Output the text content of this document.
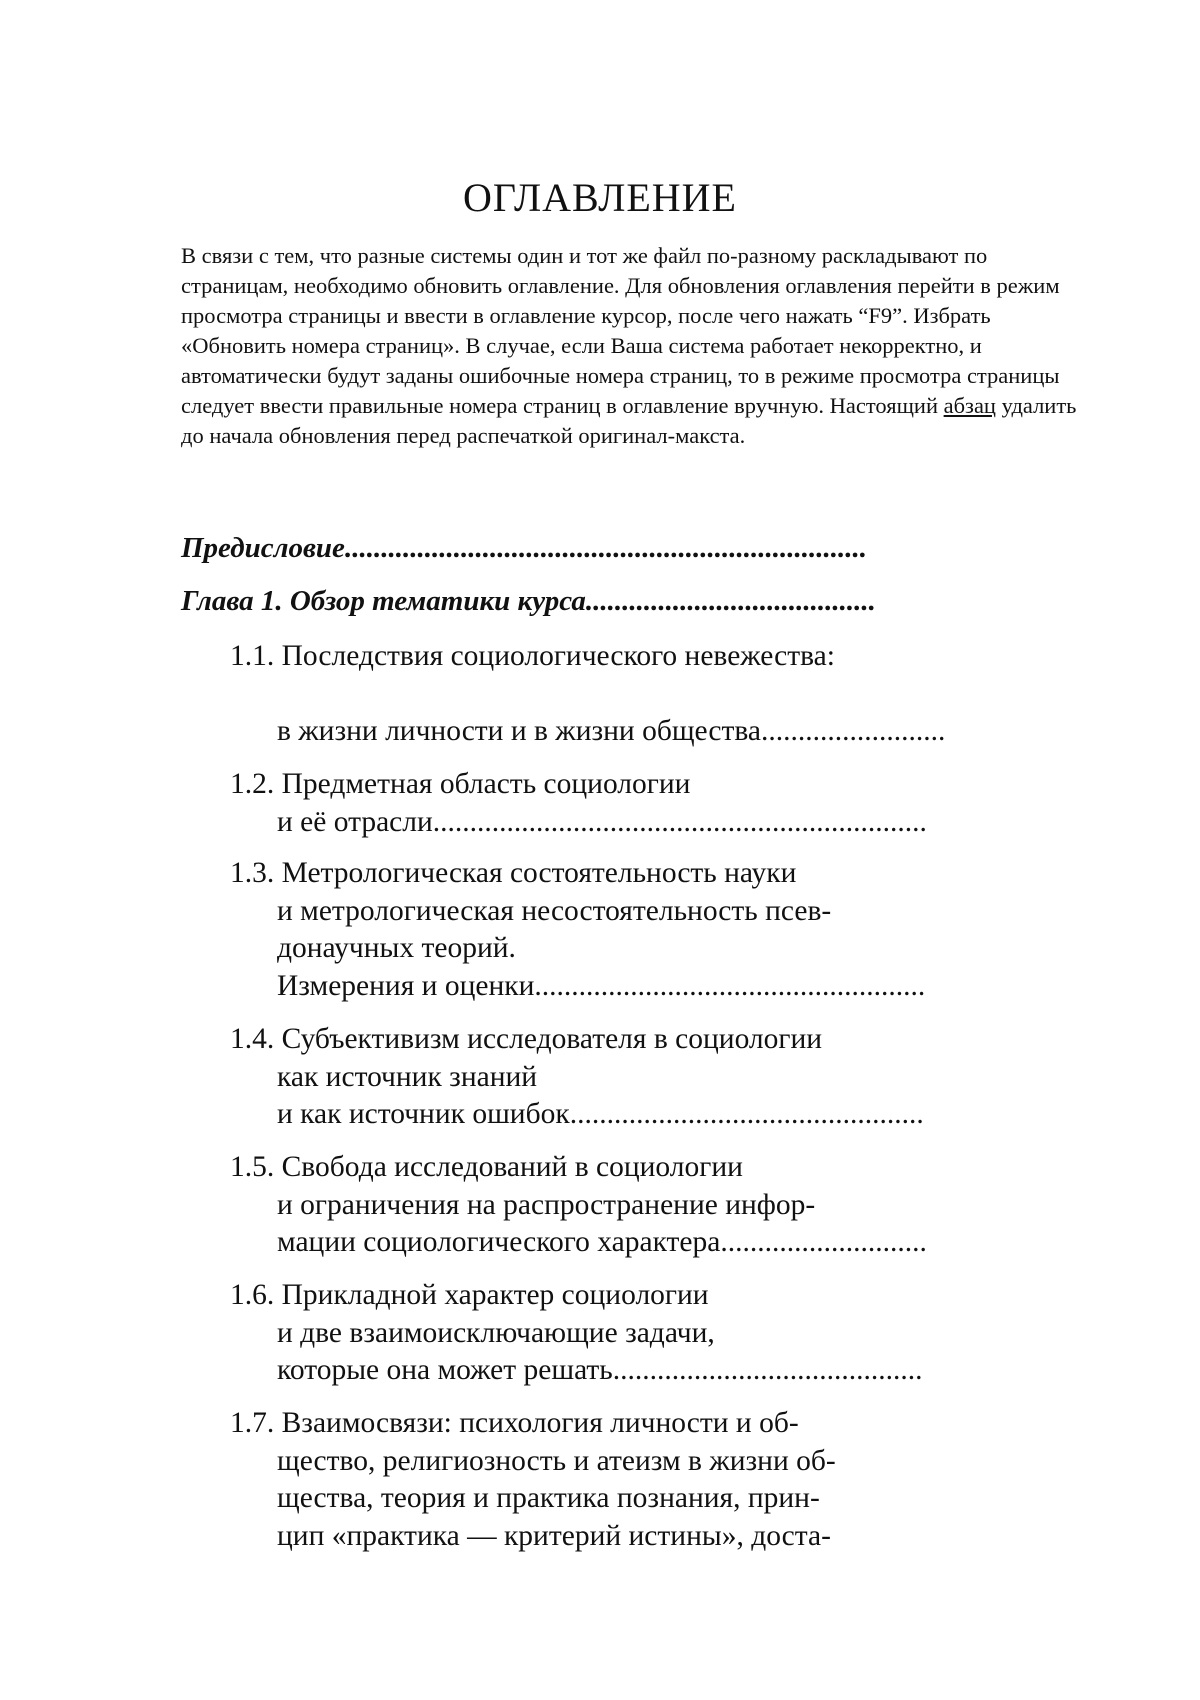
ОГЛАВЛЕНИЕ

В связи с тем, что разные системы один и тот же файл по-разному раскладывают по страницам, необходимо обновить оглавление. Для обновления оглавления перейти в режим просмотра страницы и ввести в оглавление курсор, после чего нажать “F9”. Избрать «Обновить номера страниц». В случае, если Ваша система работает некорректно, и автоматически будут заданы ошибочные номера страниц, то в режиме просмотра страницы следует ввести правильные номера страниц в оглавление вручную. Настоящий абзац удалить до начала обновления перед распечаткой оригинал-макста.

Предисловие........................................................................
Глава 1. Обзор тематики курса........................................
1.1. Последствия социологического невежества:
в жизни личности и в жизни общества.........................
1.2. Предметная область социологии
и её отрасли...................................................................
1.3. Метрологическая состоятельность науки
и метрологическая несостоятельность псев-
донаучных теорий.
Измерения и оценки.....................................................
1.4. Субъективизм исследователя в социологии
как источник знаний
и как источник ошибок................................................
1.5. Свобода исследований в социологии
и ограничения на распространение инфор-
мации социологического характера............................
1.6. Прикладной характер социологии
и две взаимоисключающие задачи,
которые она может решать..........................................
1.7. Взаимосвязи: психология личности и об-
щество, религиозность и атеизм в жизни об-
щества, теория и практика познания, прин-
цип «практика — критерий истины», доста-
